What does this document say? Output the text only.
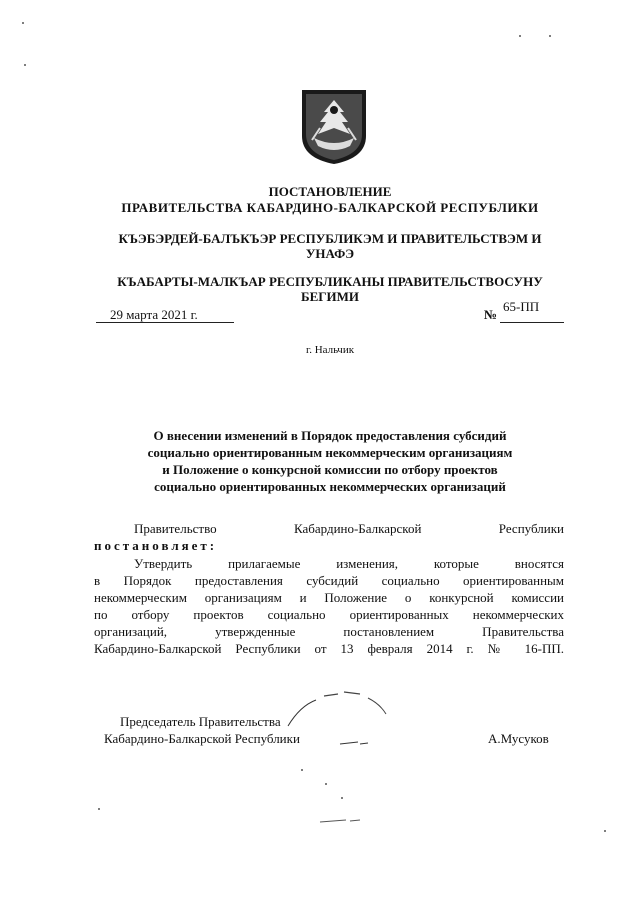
ПОСТАНОВЛЕНИЕ
ПРАВИТЕЛЬСТВА КАБАРДИНО-БАЛКАРСКОЙ РЕСПУБЛИКИ
КЪЭБЭРДЕЙ-БАЛЪКЪЭР РЕСПУБЛИКЭМ И ПРАВИТЕЛЬСТВЭМ И
УНАФЭ
КЪАБАРТЫ-МАЛКЪАР РЕСПУБЛИКАНЫ ПРАВИТЕЛЬСТВОСУНУ
БЕГИМИ
29 марта 2021 г.	№
65-ПП
г. Нальчик
О внесении изменений в Порядок предоставления субсидий
социально ориентированным некоммерческим организациям
и Положение о конкурсной комиссии по отбору проектов
социально ориентированных некоммерческих организаций
Правительство	Кабардино-Балкарской	Республики
постановляет:
Утвердить прилагаемые изменения, которые вносятся
в Порядок предоставления субсидий социально ориентированным
некоммерческим организациям и Положение о конкурсной комиссии
по отбору проектов социально ориентированных некоммерческих
организаций, утвержденные постановлением Правительства
Кабардино-Балкарской Республики от 13 февраля 2014 г. № 16-ПП.
Председатель Правительства
Кабардино-Балкарской Республики	А.Мусуков
